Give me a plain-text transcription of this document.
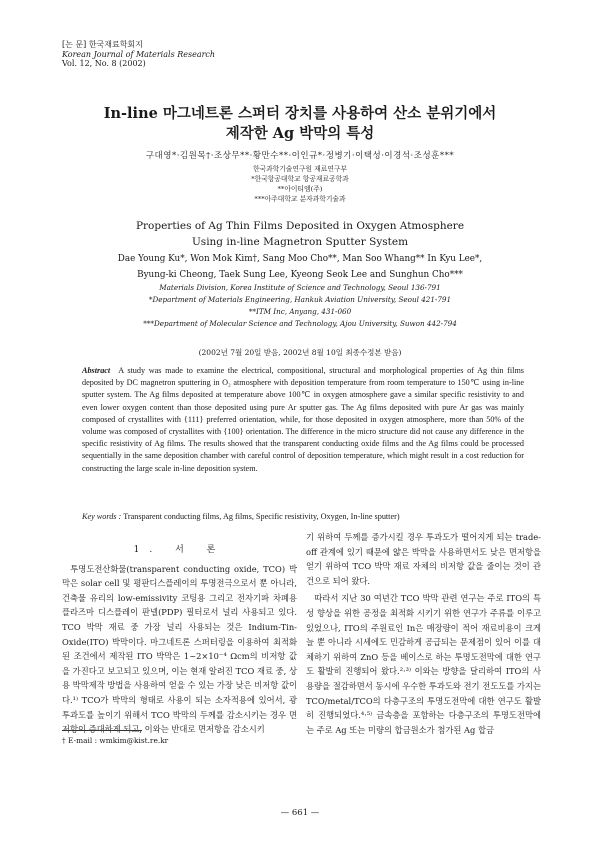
[논 문] 한국재료학회지
Korean Journal of Materials Research
Vol. 12, No. 8 (2002)
In-line 마그네트론 스퍼터 장치를 사용하여 산소 분위기에서
제작한 Ag 박막의 특성
구대영*·김원목†·조상무**·황만수**·이인규*·정병기·이택성·이경석·조성훈***
한국과학기술연구원 재료연구부
*한국항공대학교 항공재료공학과
**아이티엠(주)
***아주대학교 분자과학기술과
Properties of Ag Thin Films Deposited in Oxygen Atmosphere
Using in-line Magnetron Sputter System
Dae Young Ku*, Won Mok Kim†, Sang Moo Cho**, Man Soo Whang** In Kyu Lee*,
Byung-ki Cheong, Taek Sung Lee, Kyeong Seok Lee and Sunghun Cho***
Materials Division, Korea Institute of Science and Technology, Seoul 136-791
*Department of Materials Engineering, Hankuk Aviation University, Seoul 421-791
**ITM Inc, Anyang, 431-060
***Department of Molecular Science and Technology, Ajou University, Suwon 442-794
(2002년 7월 20일 받음, 2002년 8월 10일 최종수정본 받음)
Abstract A study was made to examine the electrical, compositional, structural and morphological properties of Ag thin films deposited by DC magnetron sputtering in O₂ atmosphere with deposition temperature from room temperature to 150℃ using in-line sputter system. The Ag films deposited at temperature above 100℃ in oxygen atmosphere gave a similar specific resistivity to and even lower oxygen content than those deposited using pure Ar sputter gas. The Ag films deposited with pure Ar gas was mainly composed of crystallites with {111} preferred orientation, while, for those deposited in oxygen atmosphere, more than 50% of the volume was composed of crystallites with {100} orientation. The difference in the micro structure did not cause any difference in the specific resistivity of Ag films. The results showed that the transparent conducting oxide films and the Ag films could be processed sequentially in the same deposition chamber with careful control of deposition temperature, which might result in a cost reduction for constructing the large scale in-line deposition system.
Key words : Transparent conducting films, Ag films, Specific resistivity, Oxygen, In-line sputter)
1. 서 론

투명도전산화물(transparent conducting oxide, TCO) 박막은 solar cell 및 평판디스플레이의 투명전극으로서 뿐 아니라, 건축물 유리의 low-emissivity 코팅용 그리고 전자기파 차폐용 플라즈마 디스플레이 판넬(PDP) 필터로서 널리 사용되고 있다. TCO 박막 재료 중 가장 널리 사용되는 것은 Indium-Tin-Oxide(ITO) 박막이다. 마그네트론 스퍼터링을 이용하여 최적화된 조건에서 제작된 ITO 박막은 1~2×10⁻⁴ Ωcm의 비저항 값을 가진다고 보고되고 있으며, 이는 현재 알려진 TCO 재료 중, 상용 박막제작 방법을 사용하여 얻을 수 있는 가장 낮은 비저항 값이다.¹⁾ TCO가 박막의 형태로 사용이 되는 소자적용에 있어서, 광 투과도를 높이기 위해서 TCO 박막의 두께를 감소시키는 경우 면저항이 증대하게 되고, 이와는 반대로 면저항을 감소시키

기 위하여 두께를 증가시킬 경우 투과도가 떨어지게 되는 trade-off 관계에 있기 때문에 얇은 박막을 사용하면서도 낮은 면저항을 얻기 위하여 TCO 박막 재료 자체의 비저항 값을 줄이는 것이 관건으로 되어 왔다.

따라서 지난 30 여년간 TCO 박막 관련 연구는 주로 ITO의 특성 향상을 위한 공정을 최적화 시키기 위한 연구가 주류를 이루고 있었으나, ITO의 주원료인 In은 매장량이 적어 재료비용이 크게 늘 뿐 아니라 시세에도 민감하게 공급되는 문제점이 있어 이를 대체하기 위하여 ZnO 등을 베이스로 하는 투명도전막에 대한 연구도 활발히 진행되어 왔다.²·³⁾ 이와는 방향을 달리하여 ITO의 사용량을 절감하면서 동시에 우수한 투과도와 전기 전도도를 가지는 TCO/metal/TCO의 다층구조의 투명도전막에 대한 연구도 활발히 진행되었다.⁴·⁵⁾ 금속층을 포함하는 다층구조의 투명도전막에는 주로 Ag 또는 미량의 합금원소가 첨가된 Ag 합금

† E-mail : wmkim@kist.re.kr
— 661 —
